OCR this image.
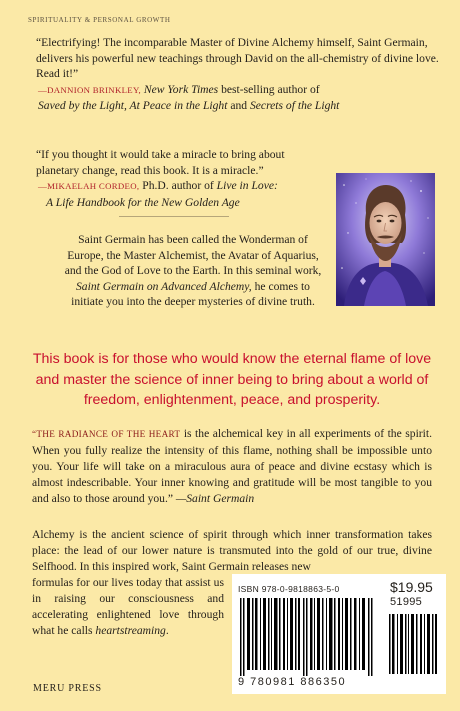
SPIRITUALITY & PERSONAL GROWTH
“Electrifying! The incomparable Master of Divine Alchemy himself, Saint Germain, delivers his powerful new teachings through David on the all-chemistry of divine love. Read it!”
—DANNION BRINKLEY, New York Times best-selling author of
Saved by the Light, At Peace in the Light and Secrets of the Light
“If you thought it would take a miracle to bring about planetary change, read this book. It is a miracle.”
—MIKAELAH CORDEO, Ph.D. author of Live in Love:
A Life Handbook for the New Golden Age
Saint Germain has been called the Wonderman of Europe, the Master Alchemist, the Avatar of Aquarius, and the God of Love to the Earth. In this seminal work, Saint Germain on Advanced Alchemy, he comes to initiate you into the deeper mysteries of divine truth.
This book is for those who would know the eternal flame of love and master the science of inner being to bring about a world of freedom, enlightenment, peace, and prosperity.
“THE RADIANCE OF THE HEART is the alchemical key in all experiments of the spirit. When you fully realize the intensity of this flame, nothing shall be impossible unto you. Your life will take on a miraculous aura of peace and divine ecstasy which is almost indescribable. Your inner knowing and gratitude will be most tangible to you and also to those around you.” —Saint Germain
Alchemy is the ancient science of spirit through which inner transformation takes place: the lead of our lower nature is transmuted into the gold of our true, divine Selfhood. In this inspired work, Saint Germain releases new
formulas for our lives today that assist us in raising our consciousness and accelerating enlightened love through what he calls heartstreaming.
MERU PRESS
ISBN 978-0-9818863-5-0	$19.95
51995
9 780981 886350
